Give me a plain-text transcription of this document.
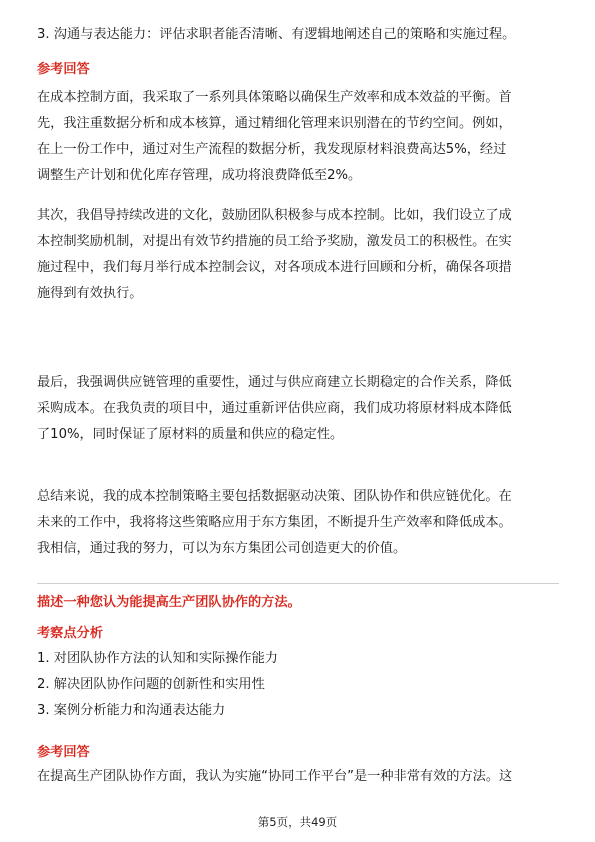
3. 沟通与表达能力：评估求职者能否清晰、有逻辑地阐述自己的策略和实施过程。

参考回答

在成本控制方面，我采取了一系列具体策略以确保生产效率和成本效益的平衡。首

先，我注重数据分析和成本核算，通过精细化管理来识别潜在的节约空间。例如，

在上一份工作中，通过对生产流程的数据分析，我发现原材料浪费高达5%，经过

调整生产计划和优化库存管理，成功将浪费降低至2%。

其次，我倡导持续改进的文化，鼓励团队积极参与成本控制。比如，我们设立了成

本控制奖励机制，对提出有效节约措施的员工给予奖励，激发员工的积极性。在实

施过程中，我们每月举行成本控制会议，对各项成本进行回顾和分析，确保各项措

施得到有效执行。

最后，我强调供应链管理的重要性，通过与供应商建立长期稳定的合作关系，降低

采购成本。在我负责的项目中，通过重新评估供应商，我们成功将原材料成本降低

了10%，同时保证了原材料的质量和供应的稳定性。

总结来说，我的成本控制策略主要包括数据驱动决策、团队协作和供应链优化。在

未来的工作中，我将将这些策略应用于东方集团，不断提升生产效率和降低成本。

我相信，通过我的努力，可以为东方集团公司创造更大的价值。

描述一种您认为能提高生产团队协作的方法。

考察点分析

1. 对团队协作方法的认知和实际操作能力

2. 解决团队协作问题的创新性和实用性

3. 案例分析能力和沟通表达能力

参考回答

在提高生产团队协作方面，我认为实施“协同工作平台”是一种非常有效的方法。这

第5页，共49页
